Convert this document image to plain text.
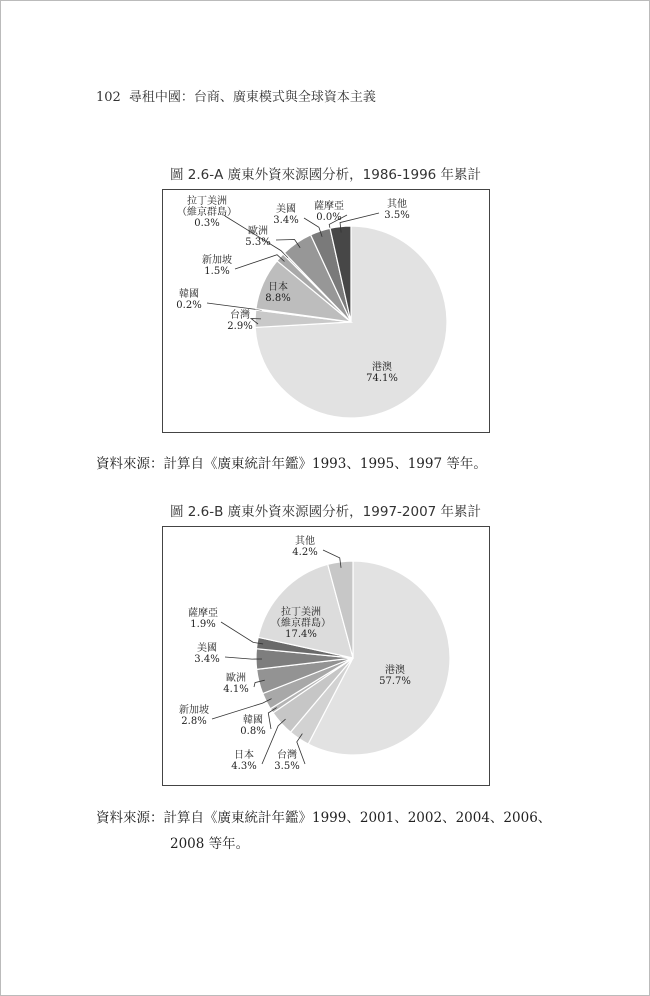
102 尋租中國：台商、廣東模式與全球資本主義
圖 2.6-A 廣東外資來源國分析，1986-1996 年累計
港澳 74.1%
台灣 2.9%
韓國 0.2%
日本 8.8%
新加坡 1.5%
拉丁美洲（維京群島） 0.3%
歐洲 5.3%
美國 3.4%
薩摩亞 0.0%
其他 3.5%
資料來源：計算自《廣東統計年鑑》1993、1995、1997 等年。
圖 2.6-B 廣東外資來源國分析，1997-2007 年累計
港澳 57.7%
台灣 3.5%
日本 4.3%
韓國 0.8%
新加坡 2.8%
歐洲 4.1%
美國 3.4%
薩摩亞 1.9%
拉丁美洲（維京群島） 17.4%
其他 4.2%
資料來源：計算自《廣東統計年鑑》1999、2001、2002、2004、2006、
2008 等年。
